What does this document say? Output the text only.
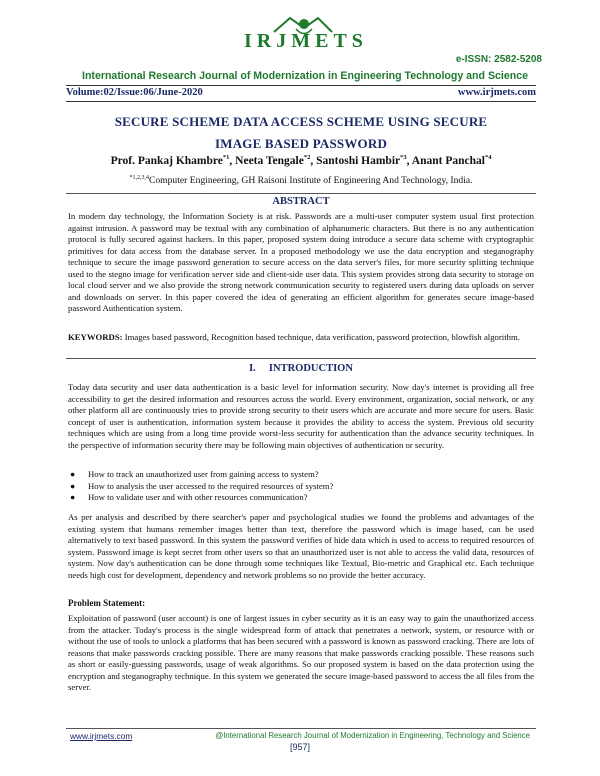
IRJMETS
e-ISSN: 2582-5208
International Research Journal of Modernization in Engineering Technology and Science
Volume:02/Issue:06/June-2020	www.irjmets.com
SECURE SCHEME DATA ACCESS SCHEME USING SECURE
IMAGE BASED PASSWORD
Prof. Pankaj Khambre$^{*1}$, Neeta Tengale$^{*2}$, Santoshi Hambir$^{*3}$, Anant Panchal$^{*4}$
$^{*1,2,3,4}$Computer Engineering, GH Raisoni Institute of Engineering And Technology, India.
ABSTRACT
In modern day technology, the Information Society is at risk. Passwords are a multi-user computer system usual first protection against intrusion. A password may be textual with any combination of alphanumeric characters. But there is no any authentication protocol is fully secured against hackers. In this paper, proposed system doing introduce a secure data scheme with cryptographic primitives for data access from the database server. In a proposed methodology we use the data encryption and steganography technique to secure the image password generation to secure access on the data server's files, for more security splitting technique used to the stegno image for verification server side and client-side user data. This system provides strong data security to storage on local cloud server and we also provide the strong network communication security to registered users during data uploads on server and downloads on server. In this paper covered the idea of generating an efficient algorithm for generates secure image-based password Authentication system.
KEYWORDS: Images based password, Recognition based technique, data verification, password protection, blowfish algorithm.
I. INTRODUCTION
Today data security and user data authentication is a basic level for information security. Now day's internet is providing all free accessibility to get the desired information and resources across the world. Every environment, organization, social network, or any other platform all are continuously tries to provide strong security to their users which are accurate and more secure for users. Basic concept of user is authentication, information system because it provides the ability to access the system. Previous old security techniques which are using from a long time provide worst-less security for authentication than the advance security techniques. In the perspective of information security there may be following main objectives of authentication or security.
● How to track an unauthorized user from gaining access to system?
● How to analysis the user accessed to the required resources of system?
● How to validate user and with other resources communication?
As per analysis and described by there searcher's paper and psychological studies we found the problems and advantages of the existing system that humans remember images better than text, therefore the password which is image based, can be used alternatively to text based password. In this system the password verifies of hide data which is used to access to required resources of system. Password image is kept secret from other users so that an unauthorized user is not able to access the valid data, resources of system. Now day's authentication can be done through some techniques like Textual, Bio-metric and Graphical etc. Each technique needs high cost for development, dependency and network problems so no provide the better accuracy.
Problem Statement:
Exploitation of password (user account) is one of largest issues in cyber security as it is an easy way to gain the unauthorized access from the attacker. Today's process is the single widespread form of attack that penetrates a network, system, or resource with or without the use of tools to unlock a platforms that has been secured with a password is known as password cracking. There are lots of reasons that make passwords cracking possible. There are many reasons that make passwords cracking possible. These reasons such as short or easily-guessing passwords, usage of weak algorithms. So our proposed system is based on the data protection using the encryption and steganography technique. In this system we generated the secure image-based password to access the all files from the server.
www.irjmets.com	@International Research Journal of Modernization in Engineering, Technology and Science
[957]
